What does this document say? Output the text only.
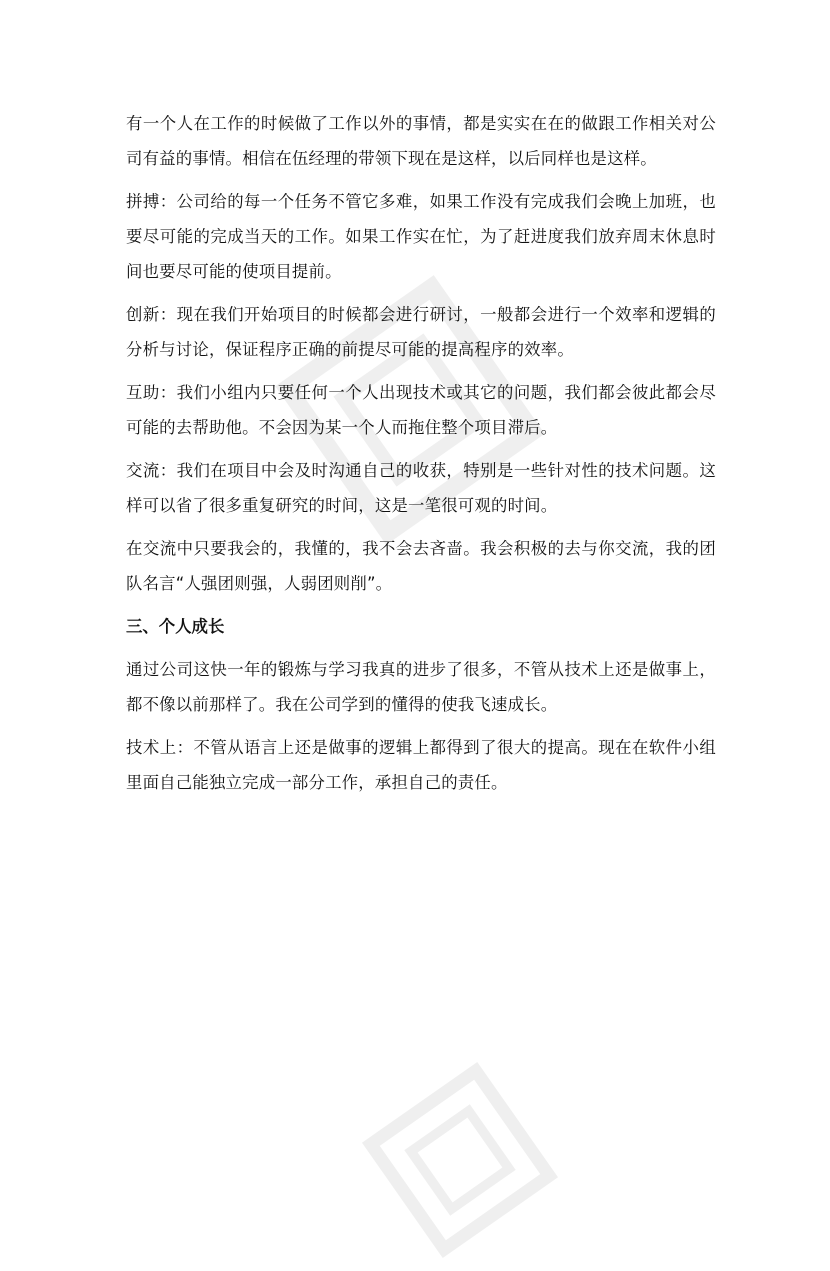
有一个人在工作的时候做了工作以外的事情，都是实实在在的做跟工作相关对公司有益的事情。相信在伍经理的带领下现在是这样，以后同样也是这样。

拼搏：公司给的每一个任务不管它多难，如果工作没有完成我们会晚上加班，也要尽可能的完成当天的工作。如果工作实在忙，为了赶进度我们放弃周末休息时间也要尽可能的使项目提前。

创新：现在我们开始项目的时候都会进行研讨，一般都会进行一个效率和逻辑的分析与讨论，保证程序正确的前提尽可能的提高程序的效率。

互助：我们小组内只要任何一个人出现技术或其它的问题，我们都会彼此都会尽可能的去帮助他。不会因为某一个人而拖住整个项目滞后。

交流：我们在项目中会及时沟通自己的收获，特别是一些针对性的技术问题。这样可以省了很多重复研究的时间，这是一笔很可观的时间。

在交流中只要我会的，我懂的，我不会去吝啬。我会积极的去与你交流，我的团队名言“人强团则强，人弱团则削”。

三、个人成长

通过公司这快一年的锻炼与学习我真的进步了很多，不管从技术上还是做事上，都不像以前那样了。我在公司学到的懂得的使我飞速成长。

技术上：不管从语言上还是做事的逻辑上都得到了很大的提高。现在在软件小组里面自己能独立完成一部分工作，承担自己的责任。
